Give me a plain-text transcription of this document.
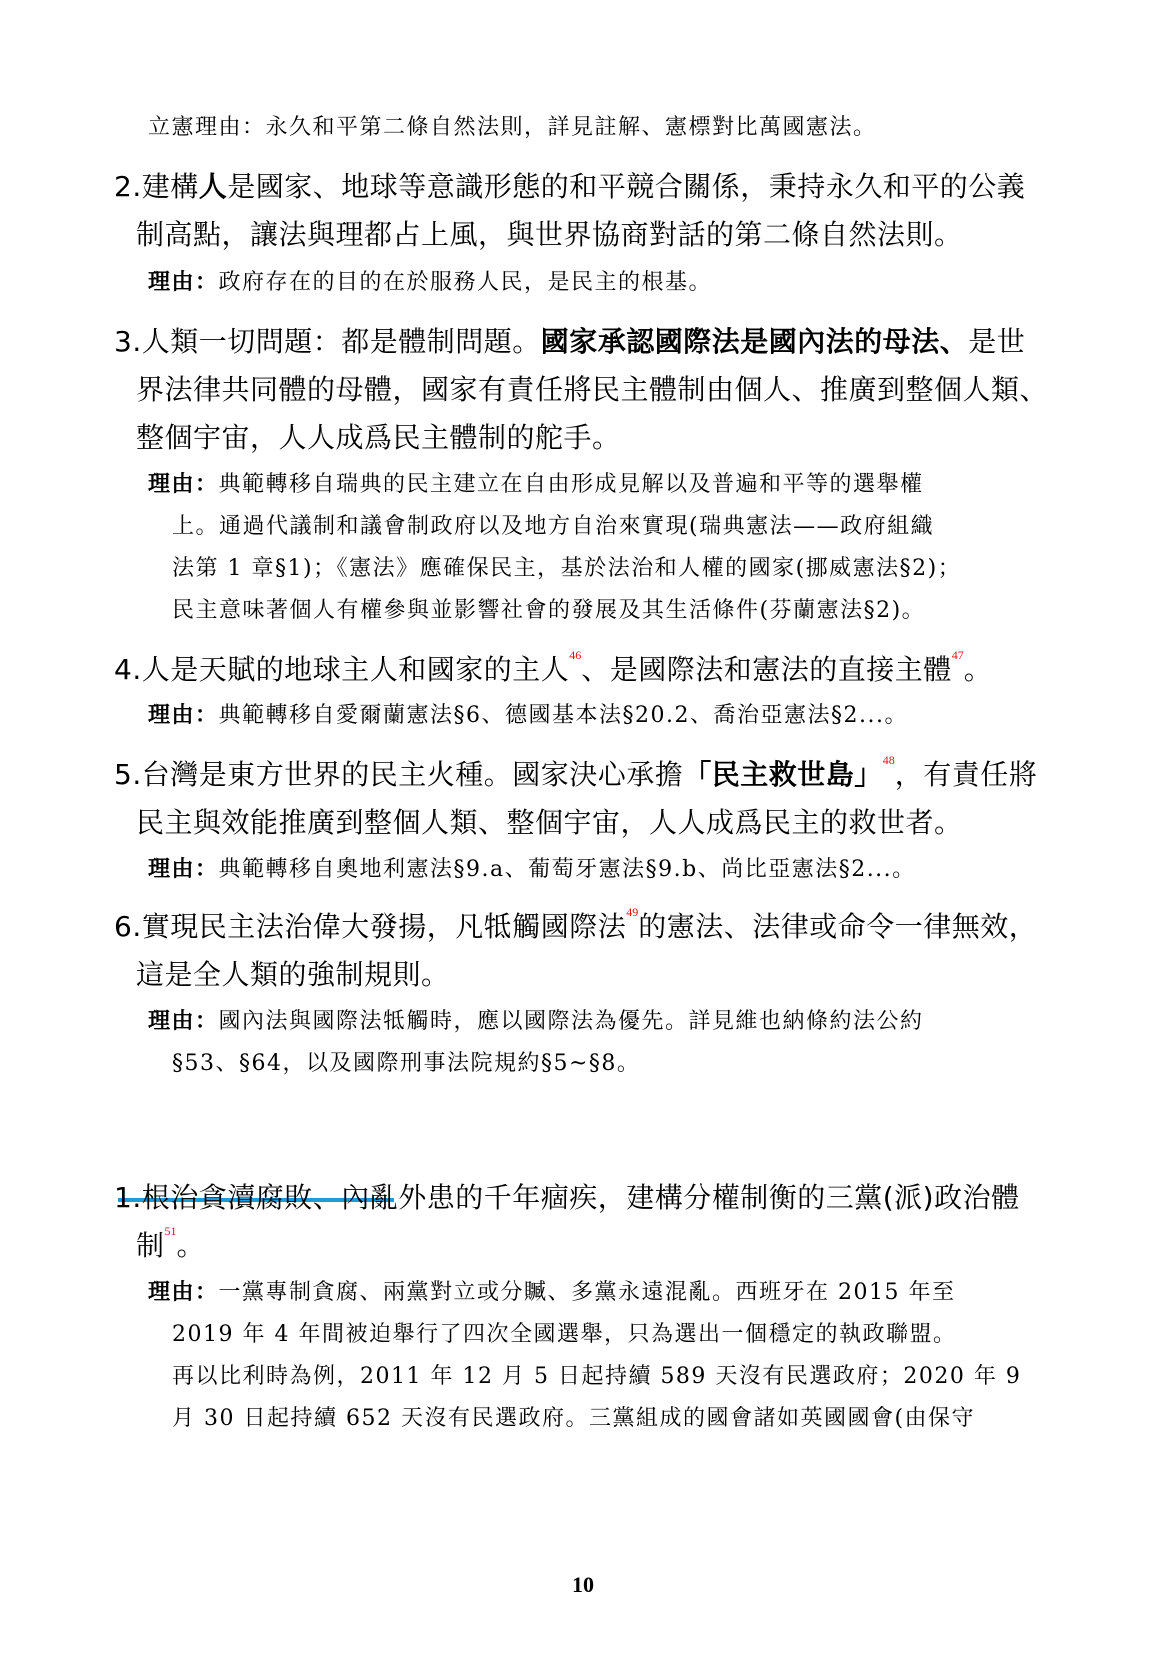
立憲理由：永久和平第二條自然法則，詳見註解、憲標對比萬國憲法。
2.建構人是國家、地球等意識形態的和平競合關係，秉持永久和平的公義
制高點，讓法與理都占上風，與世界協商對話的第二條自然法則。
理由：政府存在的目的在於服務人民，是民主的根基。
3.人類一切問題：都是體制問題。國家承認國際法是國內法的母法、是世
界法律共同體的母體，國家有責任將民主體制由個人、推廣到整個人類、
整個宇宙，人人成爲民主體制的舵手。
理由：典範轉移自瑞典的民主建立在自由形成見解以及普遍和平等的選舉權
上。通過代議制和議會制政府以及地方自治來實現(瑞典憲法——政府組織
法第 1 章§1)；《憲法》應確保民主，基於法治和人權的國家(挪威憲法§2)；
民主意味著個人有權參與並影響社會的發展及其生活條件(芬蘭憲法§2)。
4.人是天賦的地球主人和國家的主人$^{46}$、是國際法和憲法的直接主體$^{47}$。
理由：典範轉移自愛爾蘭憲法§6、德國基本法§20.2、喬治亞憲法§2...。
5.台灣是東方世界的民主火種。國家決心承擔「民主救世島」$^{48}$，有責任將
民主與效能推廣到整個人類、整個宇宙，人人成爲民主的救世者。
理由：典範轉移自奧地利憲法§9.a、葡萄牙憲法§9.b、尚比亞憲法§2...。
6.實現民主法治偉大發揚，凡牴觸國際法$^{49}$的憲法、法律或命令一律無效，
這是全人類的強制規則。
理由：國內法與國際法牴觸時，應以國際法為優先。詳見維也納條約法公約
§53、§64，以及國際刑事法院規約§5~§8。
1.根治貪瀆腐敗、內亂外患的千年痼疾，建構分權制衡的三黨(派)政治體
制$^{51}$。
理由：一黨專制貪腐、兩黨對立或分贓、多黨永遠混亂。西班牙在 2015 年至
2019 年 4 年間被迫舉行了四次全國選舉，只為選出一個穩定的執政聯盟。
再以比利時為例，2011 年 12 月 5 日起持續 589 天沒有民選政府；2020 年 9
月 30 日起持續 652 天沒有民選政府。三黨組成的國會諸如英國國會(由保守
10
